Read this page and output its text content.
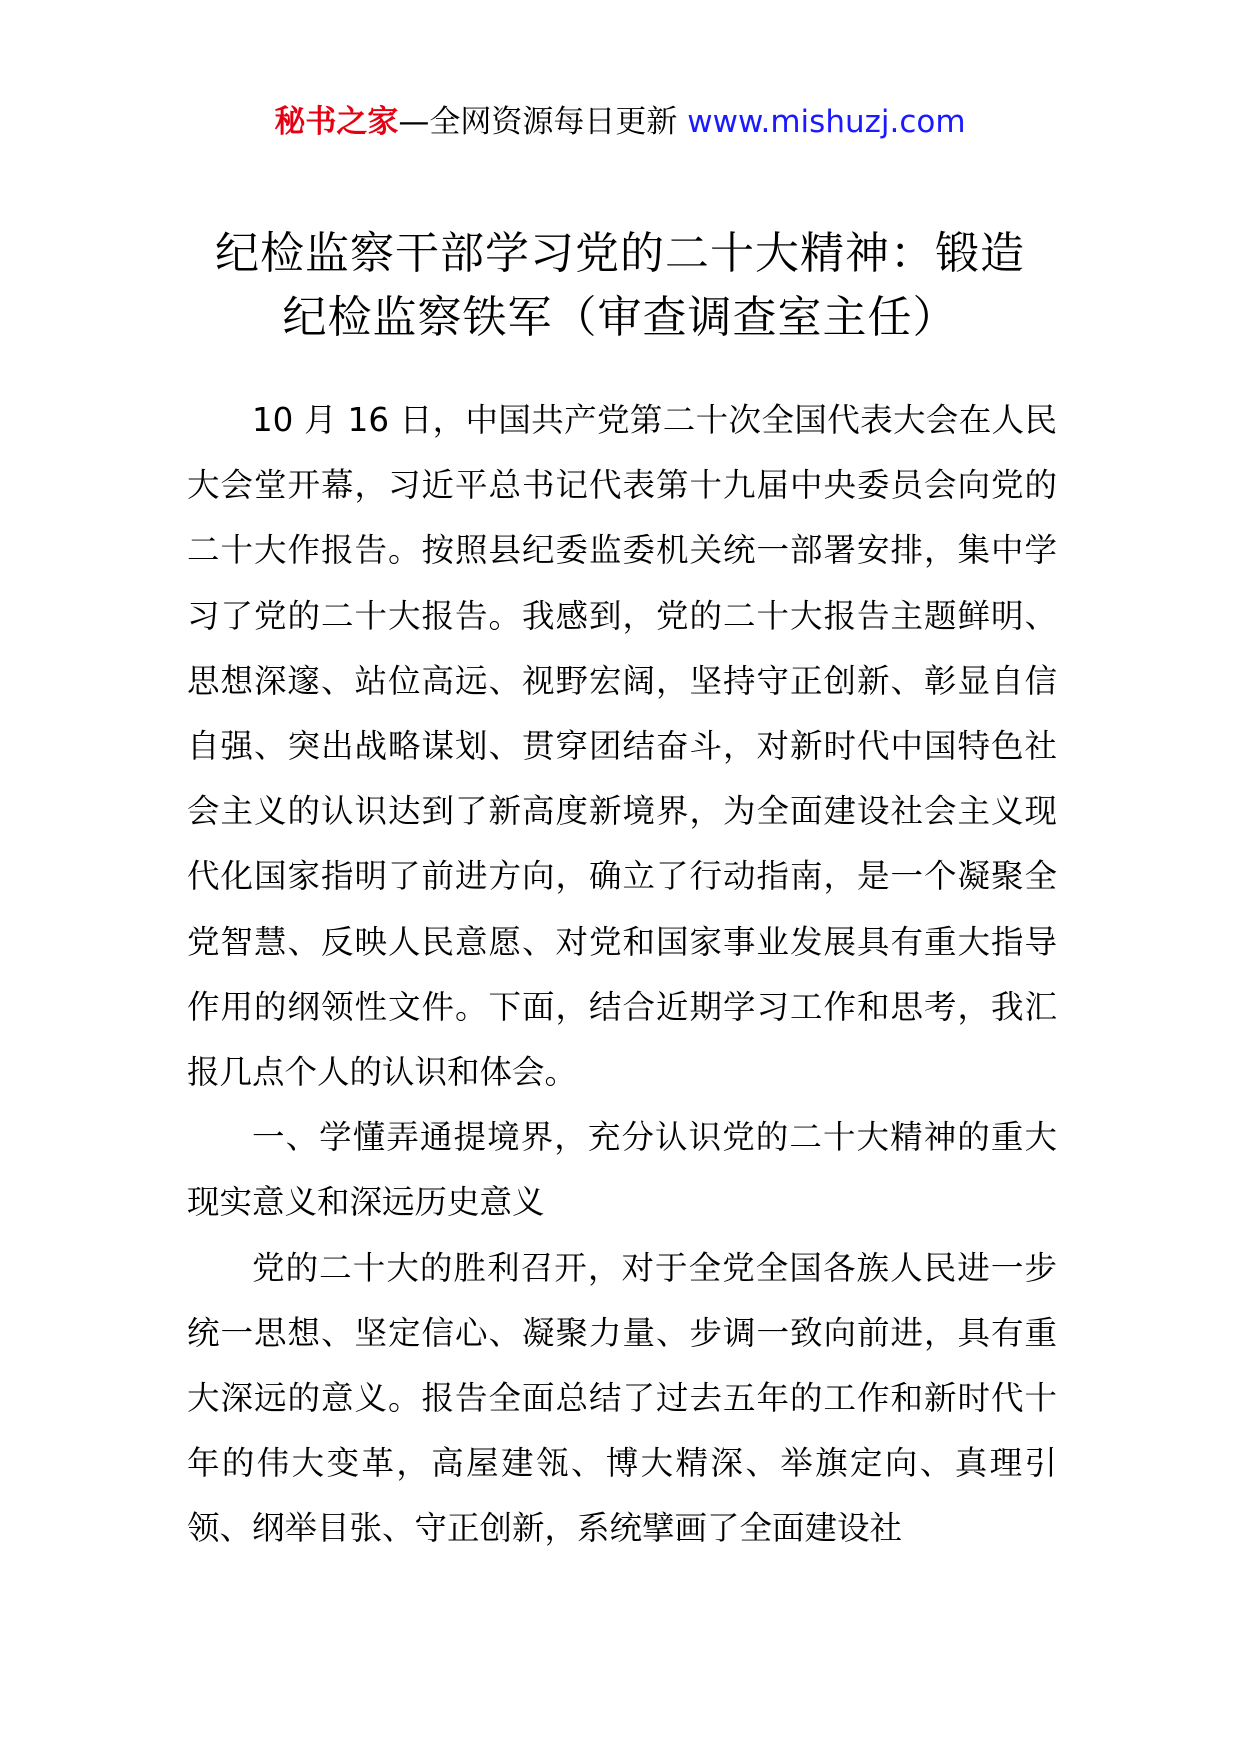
秘书之家—全网资源每日更新 www.mishuzj.com
纪检监察干部学习党的二十大精神：锻造
纪检监察铁军（审查调查室主任）

10 月 16 日，中国共产党第二十次全国代表大会在人民大会堂开幕，习近平总书记代表第十九届中央委员会向党的二十大作报告。按照县纪委监委机关统一部署安排，集中学习了党的二十大报告。我感到，党的二十大报告主题鲜明、思想深邃、站位高远、视野宏阔，坚持守正创新、彰显自信自强、突出战略谋划、贯穿团结奋斗，对新时代中国特色社会主义的认识达到了新高度新境界，为全面建设社会主义现代化国家指明了前进方向，确立了行动指南，是一个凝聚全党智慧、反映人民意愿、对党和国家事业发展具有重大指导作用的纲领性文件。下面，结合近期学习工作和思考，我汇报几点个人的认识和体会。

一、学懂弄通提境界，充分认识党的二十大精神的重大现实意义和深远历史意义

党的二十大的胜利召开，对于全党全国各族人民进一步统一思想、坚定信心、凝聚力量、步调一致向前进，具有重大深远的意义。报告全面总结了过去五年的工作和新时代十年的伟大变革，高屋建瓴、博大精深、举旗定向、真理引领、纲举目张、守正创新，系统擘画了全面建设社
